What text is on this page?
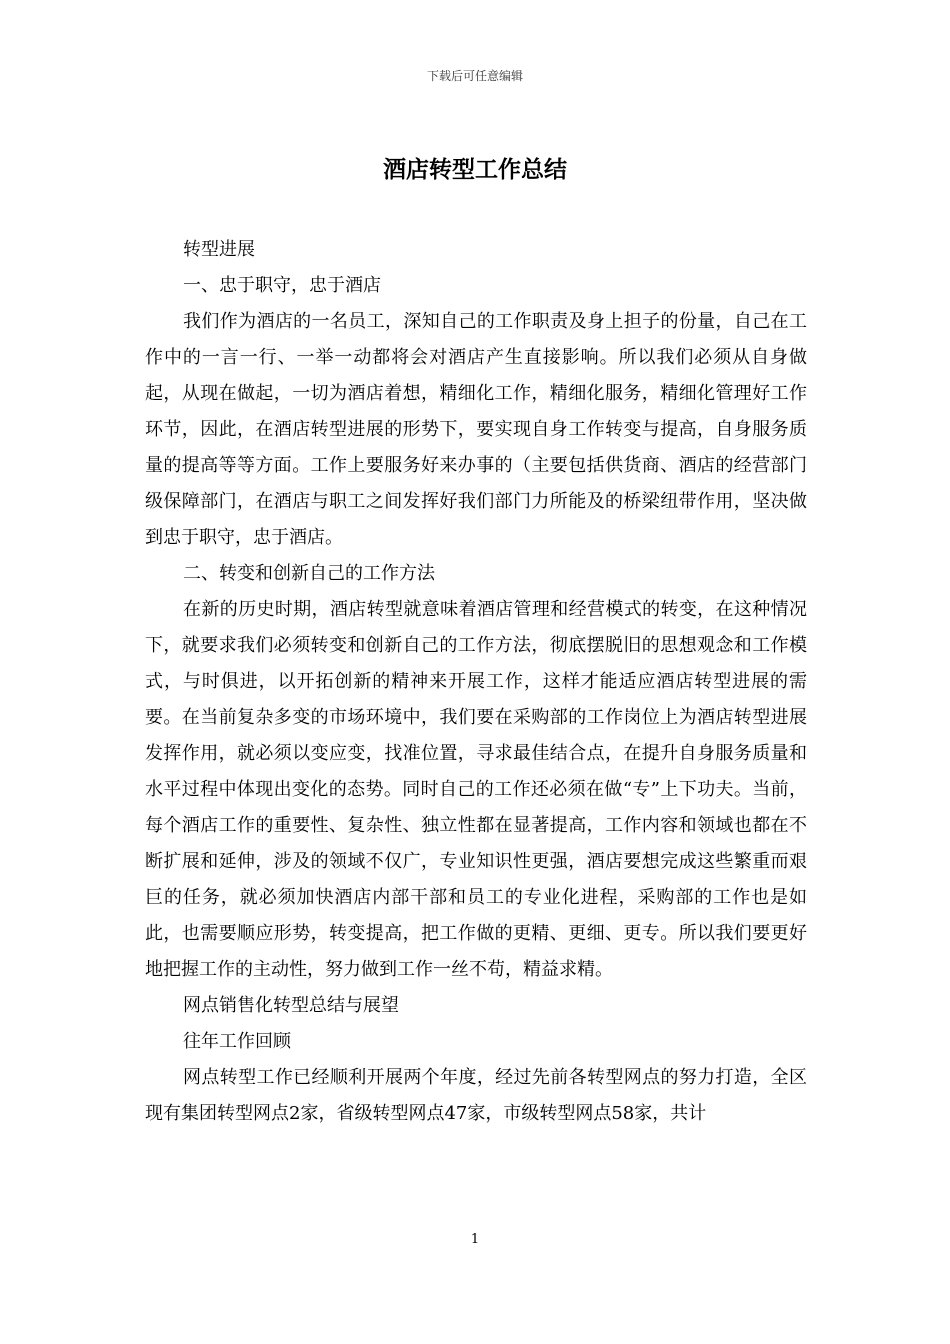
下载后可任意编辑
酒店转型工作总结

转型进展

一、忠于职守，忠于酒店

我们作为酒店的一名员工，深知自己的工作职责及身上担子的份量，自己在工作中的一言一行、一举一动都将会对酒店产生直接影响。所以我们必须从自身做起，从现在做起，一切为酒店着想，精细化工作，精细化服务，精细化管理好工作环节，因此，在酒店转型进展的形势下，要实现自身工作转变与提高，自身服务质量的提高等等方面。工作上要服务好来办事的（主要包括供货商、酒店的经营部门级保障部门，在酒店与职工之间发挥好我们部门力所能及的桥梁纽带作用，坚决做到忠于职守，忠于酒店。

二、转变和创新自己的工作方法

在新的历史时期，酒店转型就意味着酒店管理和经营模式的转变，在这种情况下，就要求我们必须转变和创新自己的工作方法，彻底摆脱旧的思想观念和工作模式，与时俱进，以开拓创新的精神来开展工作，这样才能适应酒店转型进展的需要。在当前复杂多变的市场环境中，我们要在采购部的工作岗位上为酒店转型进展发挥作用，就必须以变应变，找准位置，寻求最佳结合点，在提升自身服务质量和水平过程中体现出变化的态势。同时自己的工作还必须在做“专”上下功夫。当前，每个酒店工作的重要性、复杂性、独立性都在显著提高，工作内容和领域也都在不断扩展和延伸，涉及的领域不仅广，专业知识性更强，酒店要想完成这些繁重而艰巨的任务，就必须加快酒店内部干部和员工的专业化进程，采购部的工作也是如此，也需要顺应形势，转变提高，把工作做的更精、更细、更专。所以我们要更好地把握工作的主动性，努力做到工作一丝不苟，精益求精。

网点销售化转型总结与展望

往年工作回顾

网点转型工作已经顺利开展两个年度，经过先前各转型网点的努力打造，全区现有集团转型网点2家，省级转型网点47家，市级转型网点58家，共计

1
